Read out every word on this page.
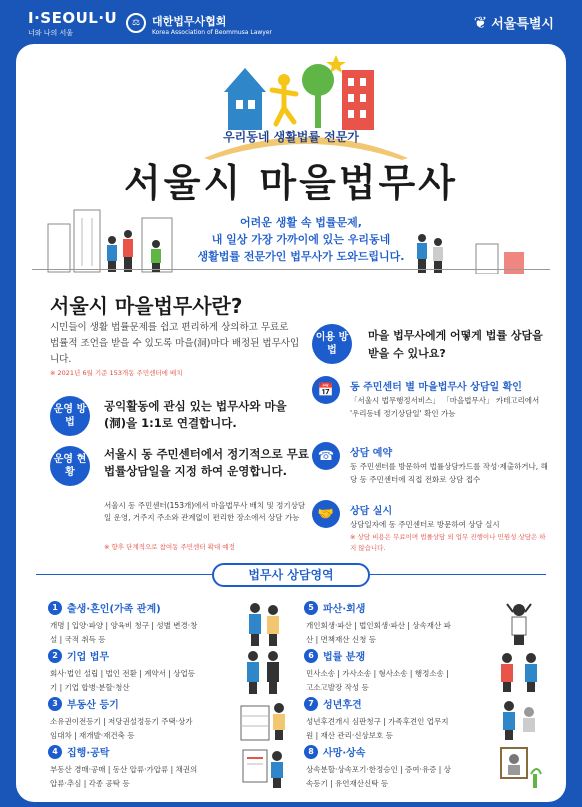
I·SEOUL·U
너와 나의 서울
⚖	대한법무사협회
Korea Association of Beommusa Lawyer
❦ 서울특별시
우리동네 생활법률 전문가
서울시 마을법무사
어려운 생활 속 법률문제,
내 일상 가장 가까이에 있는 우리동네
생활법률 전문가인 법무사가 도와드립니다.
서울시 마을법무사란?
시민들이 생활 법률문제를 쉽고 편리하게 상의하고 무료로 법률적 조언을 받을 수 있도록 마을(洞)마다 배정된 법무사입니다.
※ 2021년 6월 기준 153개동 주민센터에 배치
운영 방법
공익활동에 관심 있는 법무사와 마을(洞)을 1:1로 연결합니다.
운영 현황
서울시 동 주민센터에서 정기적으로 무료 법률상담일을 지정 하여 운영합니다.
서울시 동 주민센터(153개)에서 마을법무사 배치 및 정기상담일 운영, 거주지 주소와 관계없이 편리한 장소에서 상담 가능
※ 향후 단계적으로 참여동 주민센터 확대 예정
이용 방법
마을 법무사에게 어떻게 법률 상담을 받을 수 있나요?
📅	동 주민센터 별 마을법무사 상담일 확인
「서울시 법무행정서비스」 「마을법무사」 카테고리에서 '우리동네 정기상담일' 확인 가능
☎	상담 예약
동 주민센터를 방문하여 법률상담카드를 작성·제출하거나, 해당 동 주민센터에 직접 전화로 상담 접수
🤝	상담 실시
상담일자에 동 주민센터로 방문하여 상담 실시
※ 상담 비용은 무료이며 법률상담 외 업무 진행이나 민원성 상담은 하지 않습니다.
법무사 상담영역
1 출생·혼인(가족 관계)
개명 | 입양·파양 | 양육비 청구 | 성별 변경·창설 | 국적 취득 등
2 기업 법무
회사·법인 설립 | 법인 전환 | 계약서 | 상업등기 | 기업 합병·분할·청산
3 부동산 등기
소유권이전등기 | 저당권설정등기 주택·상가 임대차 | 재개발·재건축 등
4 집행·공탁
부동산 경매·공매 | 동산 압류·가압류 | 채권의 압류·추심 | 각종 공탁 등
5 파산·회생
개인회생·파산 | 법인회생·파산 | 상속재산 파산 | 면책재산 신청 등
6 법률 분쟁
민사소송 | 가사소송 | 형사소송 | 행정소송 | 고소고발장 작성 등
7 성년후견
성년후견개시 심판청구 | 가족후견인 업무지원 | 재산 관리·신상보호 등
8 사망·상속
상속분할·상속포기·한정승인 | 증여·유증 | 상속등기 | 유언재산신탁 등
